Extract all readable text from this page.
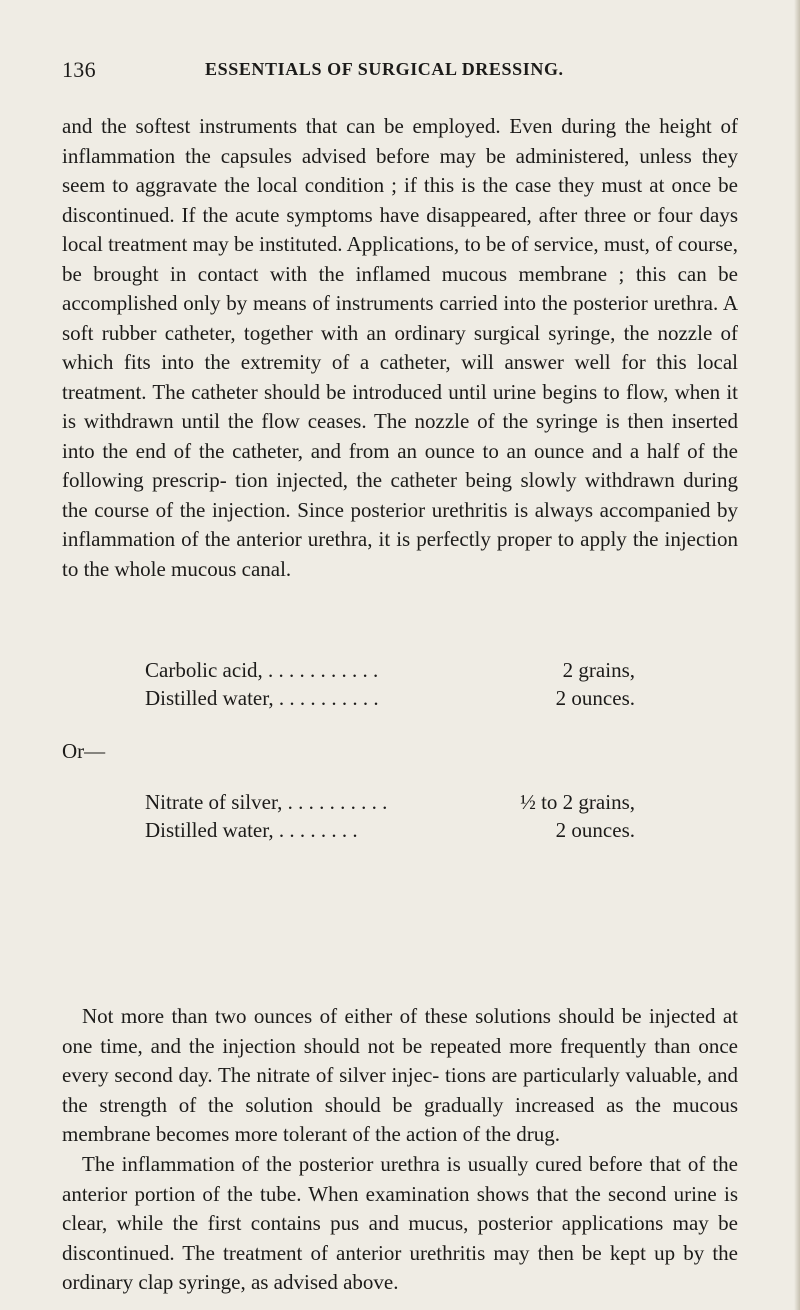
136	ESSENTIALS OF SURGICAL DRESSING.

and the softest instruments that can be employed. Even during the height of inflammation the capsules advised before may be administered, unless they seem to aggravate the local condition ; if this is the case they must at once be discontinued. If the acute symptoms have disappeared, after three or four days local treatment may be instituted. Applications, to be of service, must, of course, be brought in contact with the inflamed mucous membrane ; this can be accomplished only by means of instruments carried into the posterior urethra. A soft rubber catheter, together with an ordinary surgical syringe, the nozzle of which fits into the extremity of a catheter, will answer well for this local treatment. The catheter should be introduced until urine begins to flow, when it is withdrawn until the flow ceases. The nozzle of the syringe is then inserted into the end of the catheter, and from an ounce to an ounce and a half of the following prescrip- tion injected, the catheter being slowly withdrawn during the course of the injection. Since posterior urethritis is always accompanied by inflammation of the anterior urethra, it is perfectly proper to apply the injection to the whole mucous canal.

Carbolic acid, . . . . . . . . . . .	2 grains,
Distilled water, . . . . . . . . . .	2 ounces.
Or—
Nitrate of silver, . . . . . . . . . .	½ to 2 grains,
Distilled water, . . . . . . . .	2 ounces.

Not more than two ounces of either of these solutions should be injected at one time, and the injection should not be repeated more frequently than once every second day. The nitrate of silver injec- tions are particularly valuable, and the strength of the solution should be gradually increased as the mucous membrane becomes more tolerant of the action of the drug.

The inflammation of the posterior urethra is usually cured before that of the anterior portion of the tube. When examination shows that the second urine is clear, while the first contains pus and mucus, posterior applications may be discontinued. The treatment of anterior urethritis may then be kept up by the ordinary clap syringe, as advised above.
